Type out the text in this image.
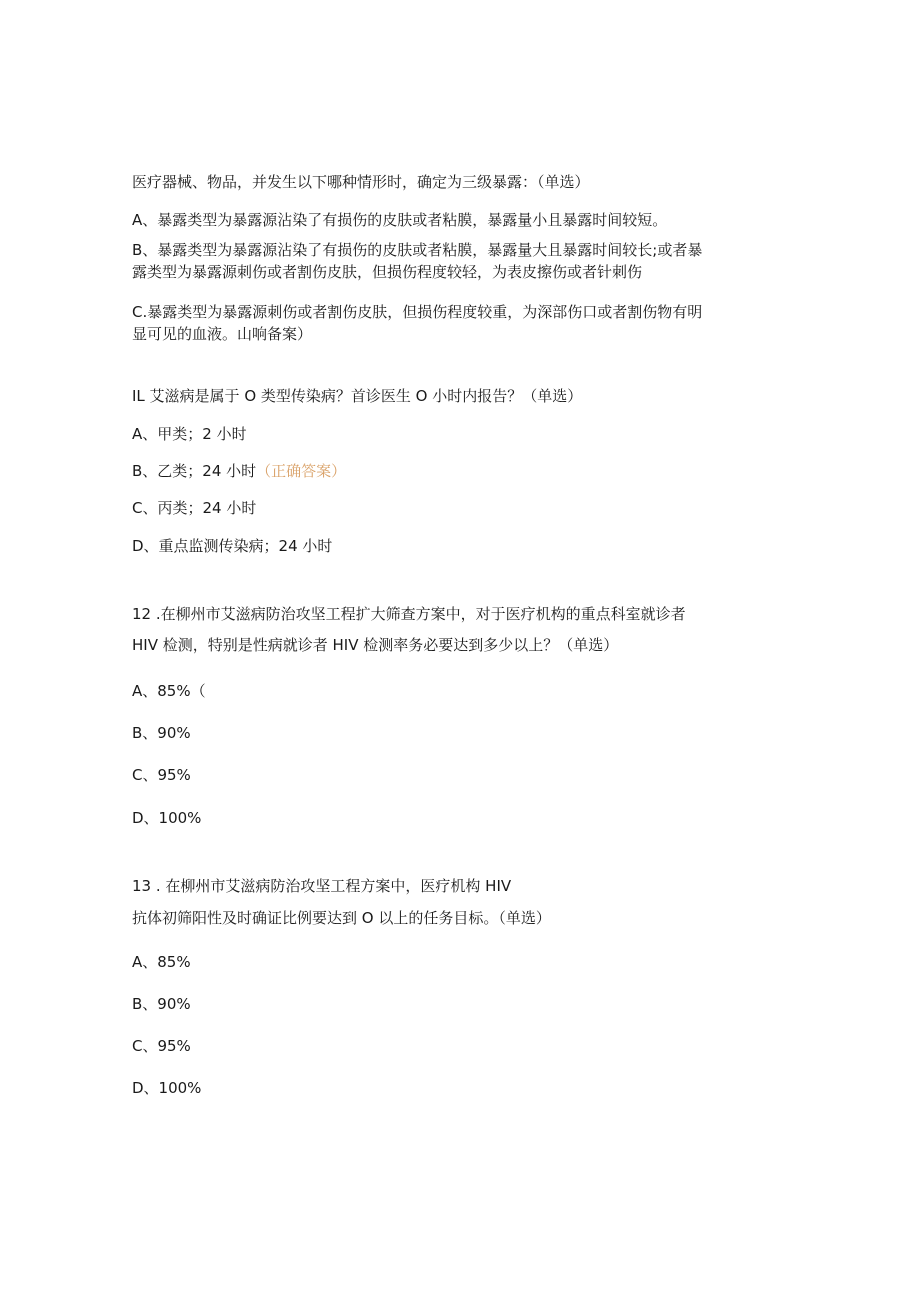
医疗器械、物品，并发生以下哪种情形时，确定为三级暴露：（单选）
A、暴露类型为暴露源沾染了有损伤的皮肤或者粘膜，暴露量小且暴露时间较短。
B、暴露类型为暴露源沾染了有损伤的皮肤或者粘膜，暴露量大且暴露时间较长;或者暴
露类型为暴露源刺伤或者割伤皮肤，但损伤程度较轻，为表皮擦伤或者针刺伤
C.暴露类型为暴露源刺伤或者割伤皮肤，但损伤程度较重，为深部伤口或者割伤物有明
显可见的血液。山响备案）
IL 艾滋病是属于 O 类型传染病？首诊医生 O 小时内报告？（单选）
A、甲类；2 小时
B、乙类；24 小时（正确答案）
C、丙类；24 小时
D、重点监测传染病；24 小时
12 .在柳州市艾滋病防治攻坚工程扩大筛查方案中，对于医疗机构的重点科室就诊者
HIV 检测，特别是性病就诊者 HIV 检测率务必要达到多少以上？（单选）
A、85%（
B、90%
C、95%
D、100%
13 . 在柳州市艾滋病防治攻坚工程方案中，医疗机构 HIV
抗体初筛阳性及时确证比例要达到 O 以上的任务目标。（单选）
A、85%
B、90%
C、95%
D、100%
